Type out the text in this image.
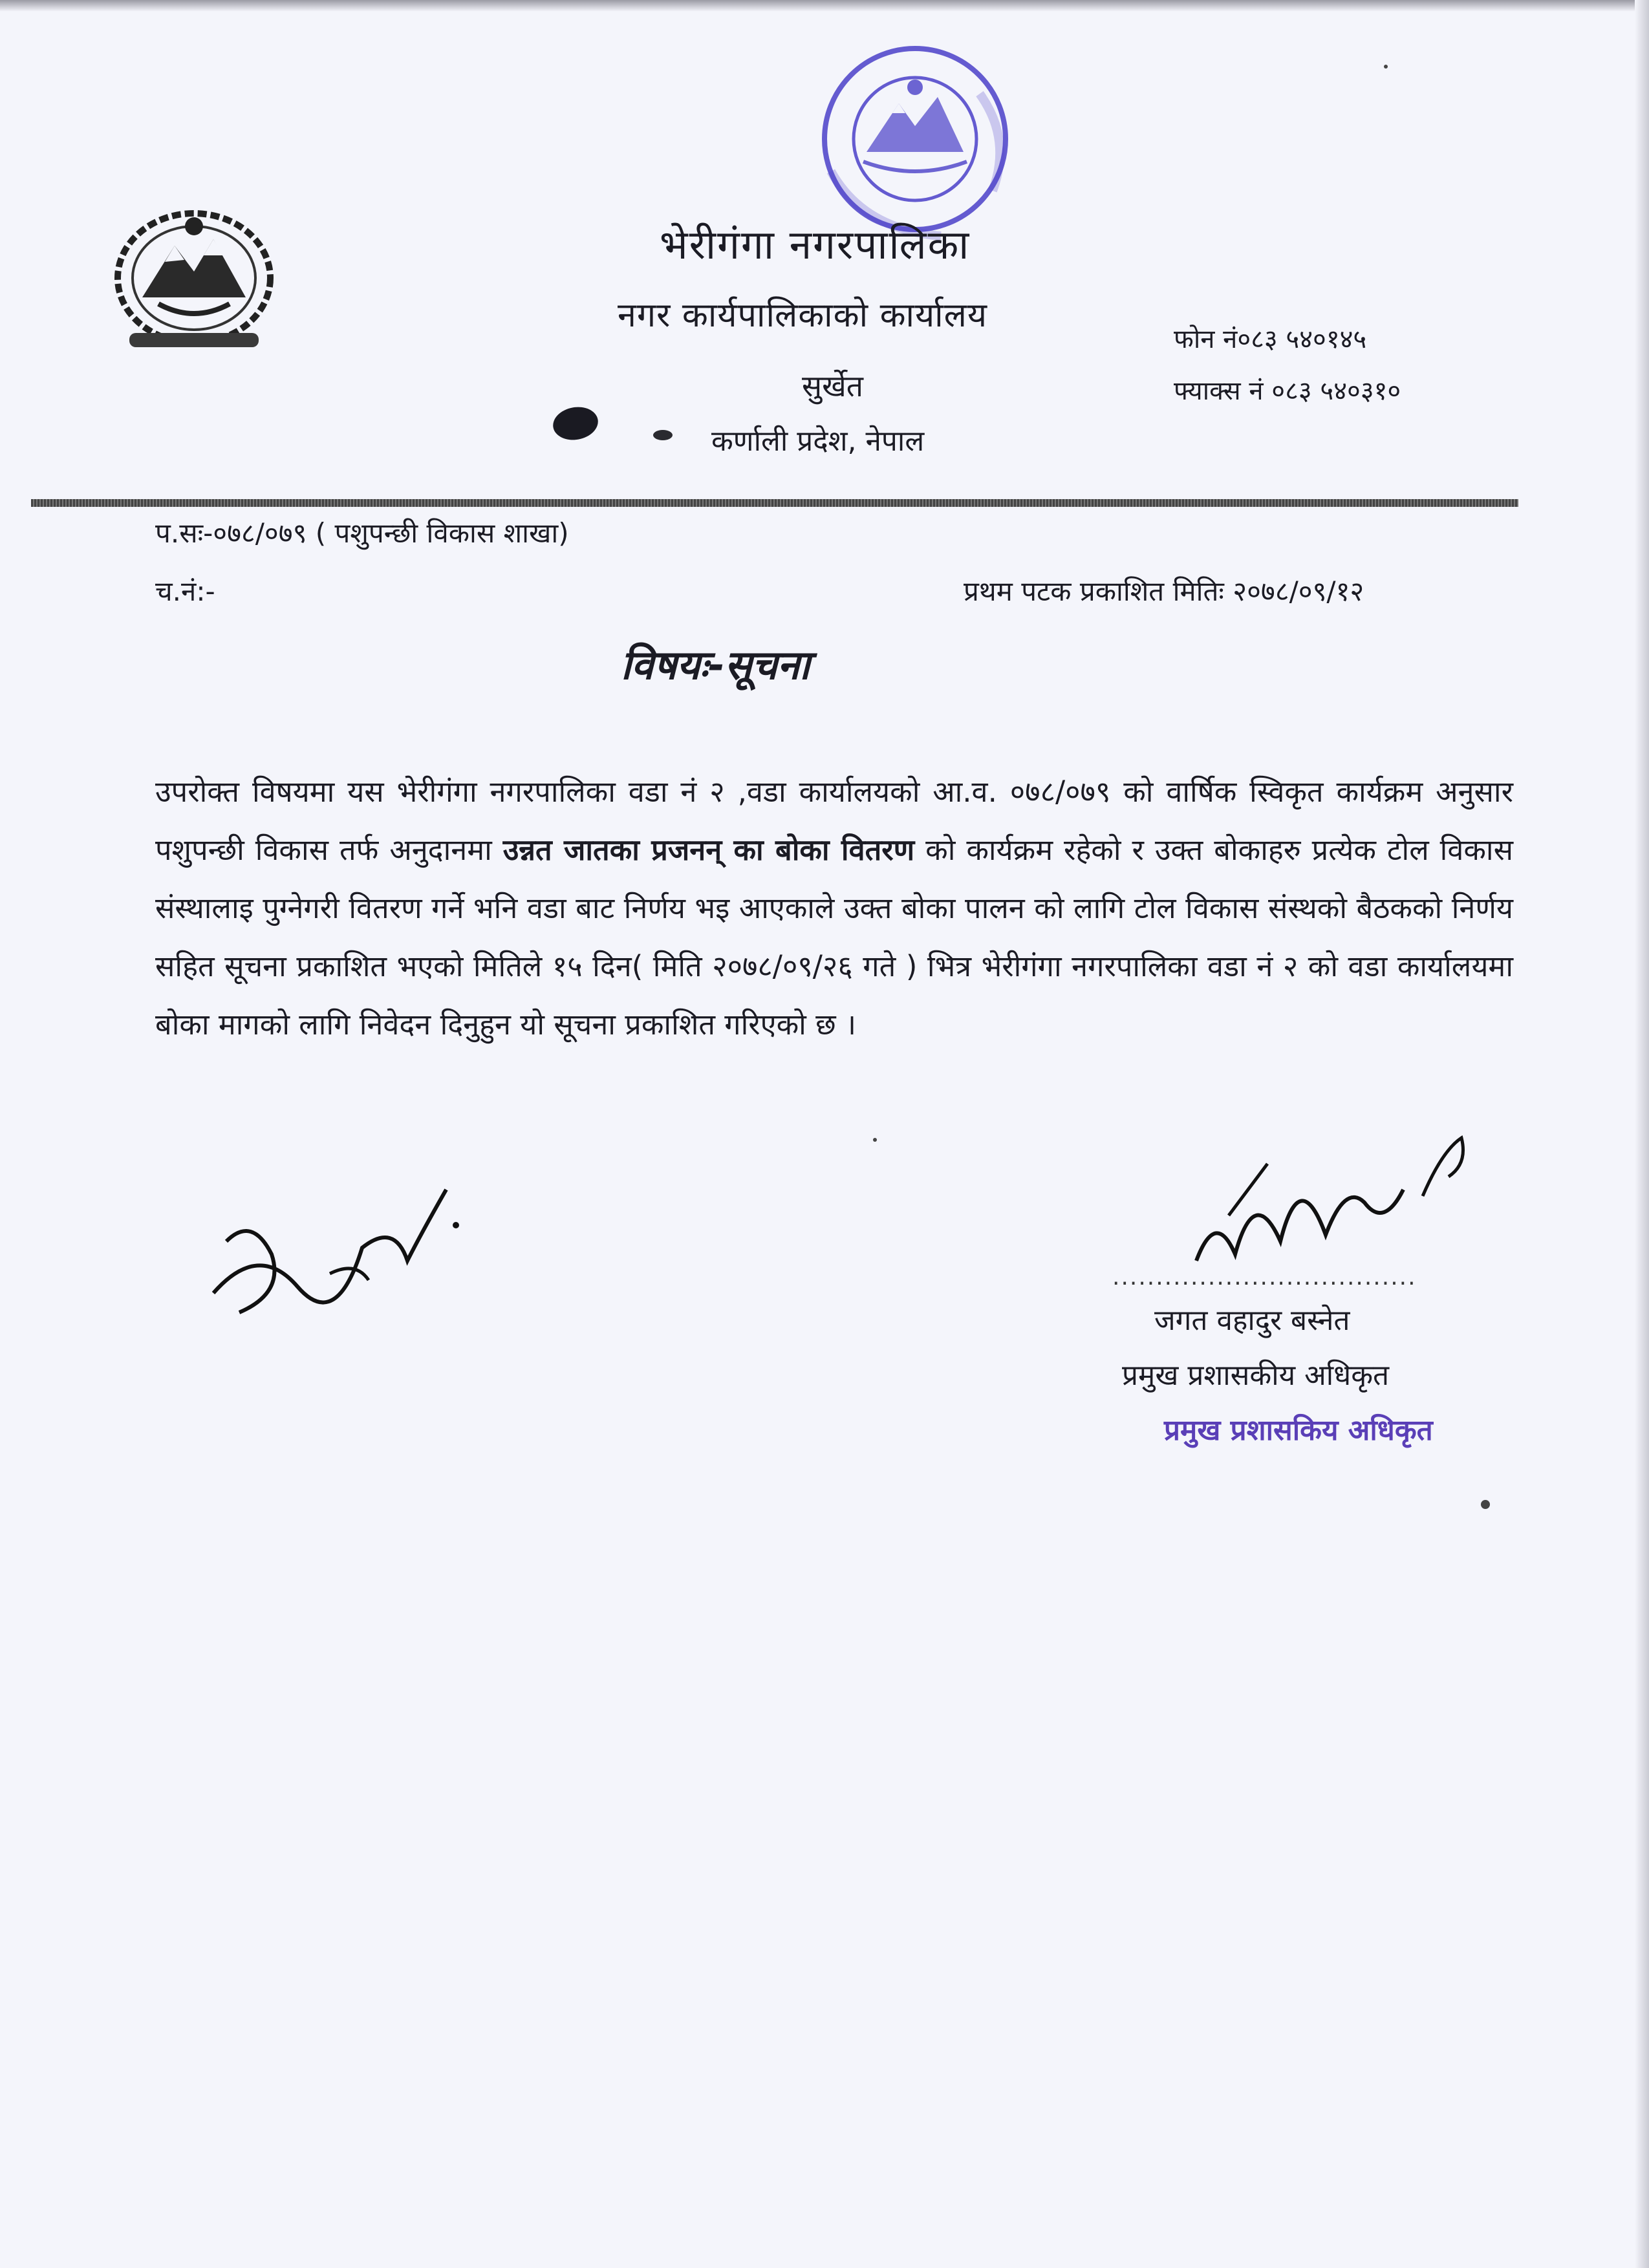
भेरीगंगा नगरपालिका
नगर कार्यपालिकाको कार्यालय
सुर्खेत
कर्णाली प्रदेश, नेपाल
फोन नं०८३ ५४०१४५
फ्याक्स नं ०८३ ५४०३१०
प.सः-०७८/०७९ ( पशुपन्छी विकास शाखा)
च.नं:-	प्रथम पटक प्रकाशित मितिः २०७८/०९/१२
विषयः-सूचना
उपरोक्त विषयमा यस भेरीगंगा नगरपालिका वडा नं २ ,वडा कार्यालयको आ.व. ०७८/०७९ को वार्षिक स्विकृत कार्यक्रम अनुसार पशुपन्छी विकास तर्फ अनुदानमा उन्नत जातका प्रजनन् का बोका वितरण को कार्यक्रम रहेको र उक्त बोकाहरु प्रत्येक टोल विकास संस्थालाइ पुग्नेगरी वितरण गर्ने भनि वडा बाट निर्णय भइ आएकाले उक्त बोका पालन को लागि टोल विकास संस्थको बैठकको निर्णय सहित सूचना प्रकाशित भएको मितिले १५ दिन( मिति २०७८/०९/२६ गते ) भित्र भेरीगंगा नगरपालिका वडा नं २ को वडा कार्यालयमा बोका मागको लागि निवेदन दिनुहुन यो सूचना प्रकाशित गरिएको छ ।
...................................
जगत वहादुर बस्नेत
प्रमुख प्रशासकीय अधिकृत
प्रमुख प्रशासकिय अधिकृत
